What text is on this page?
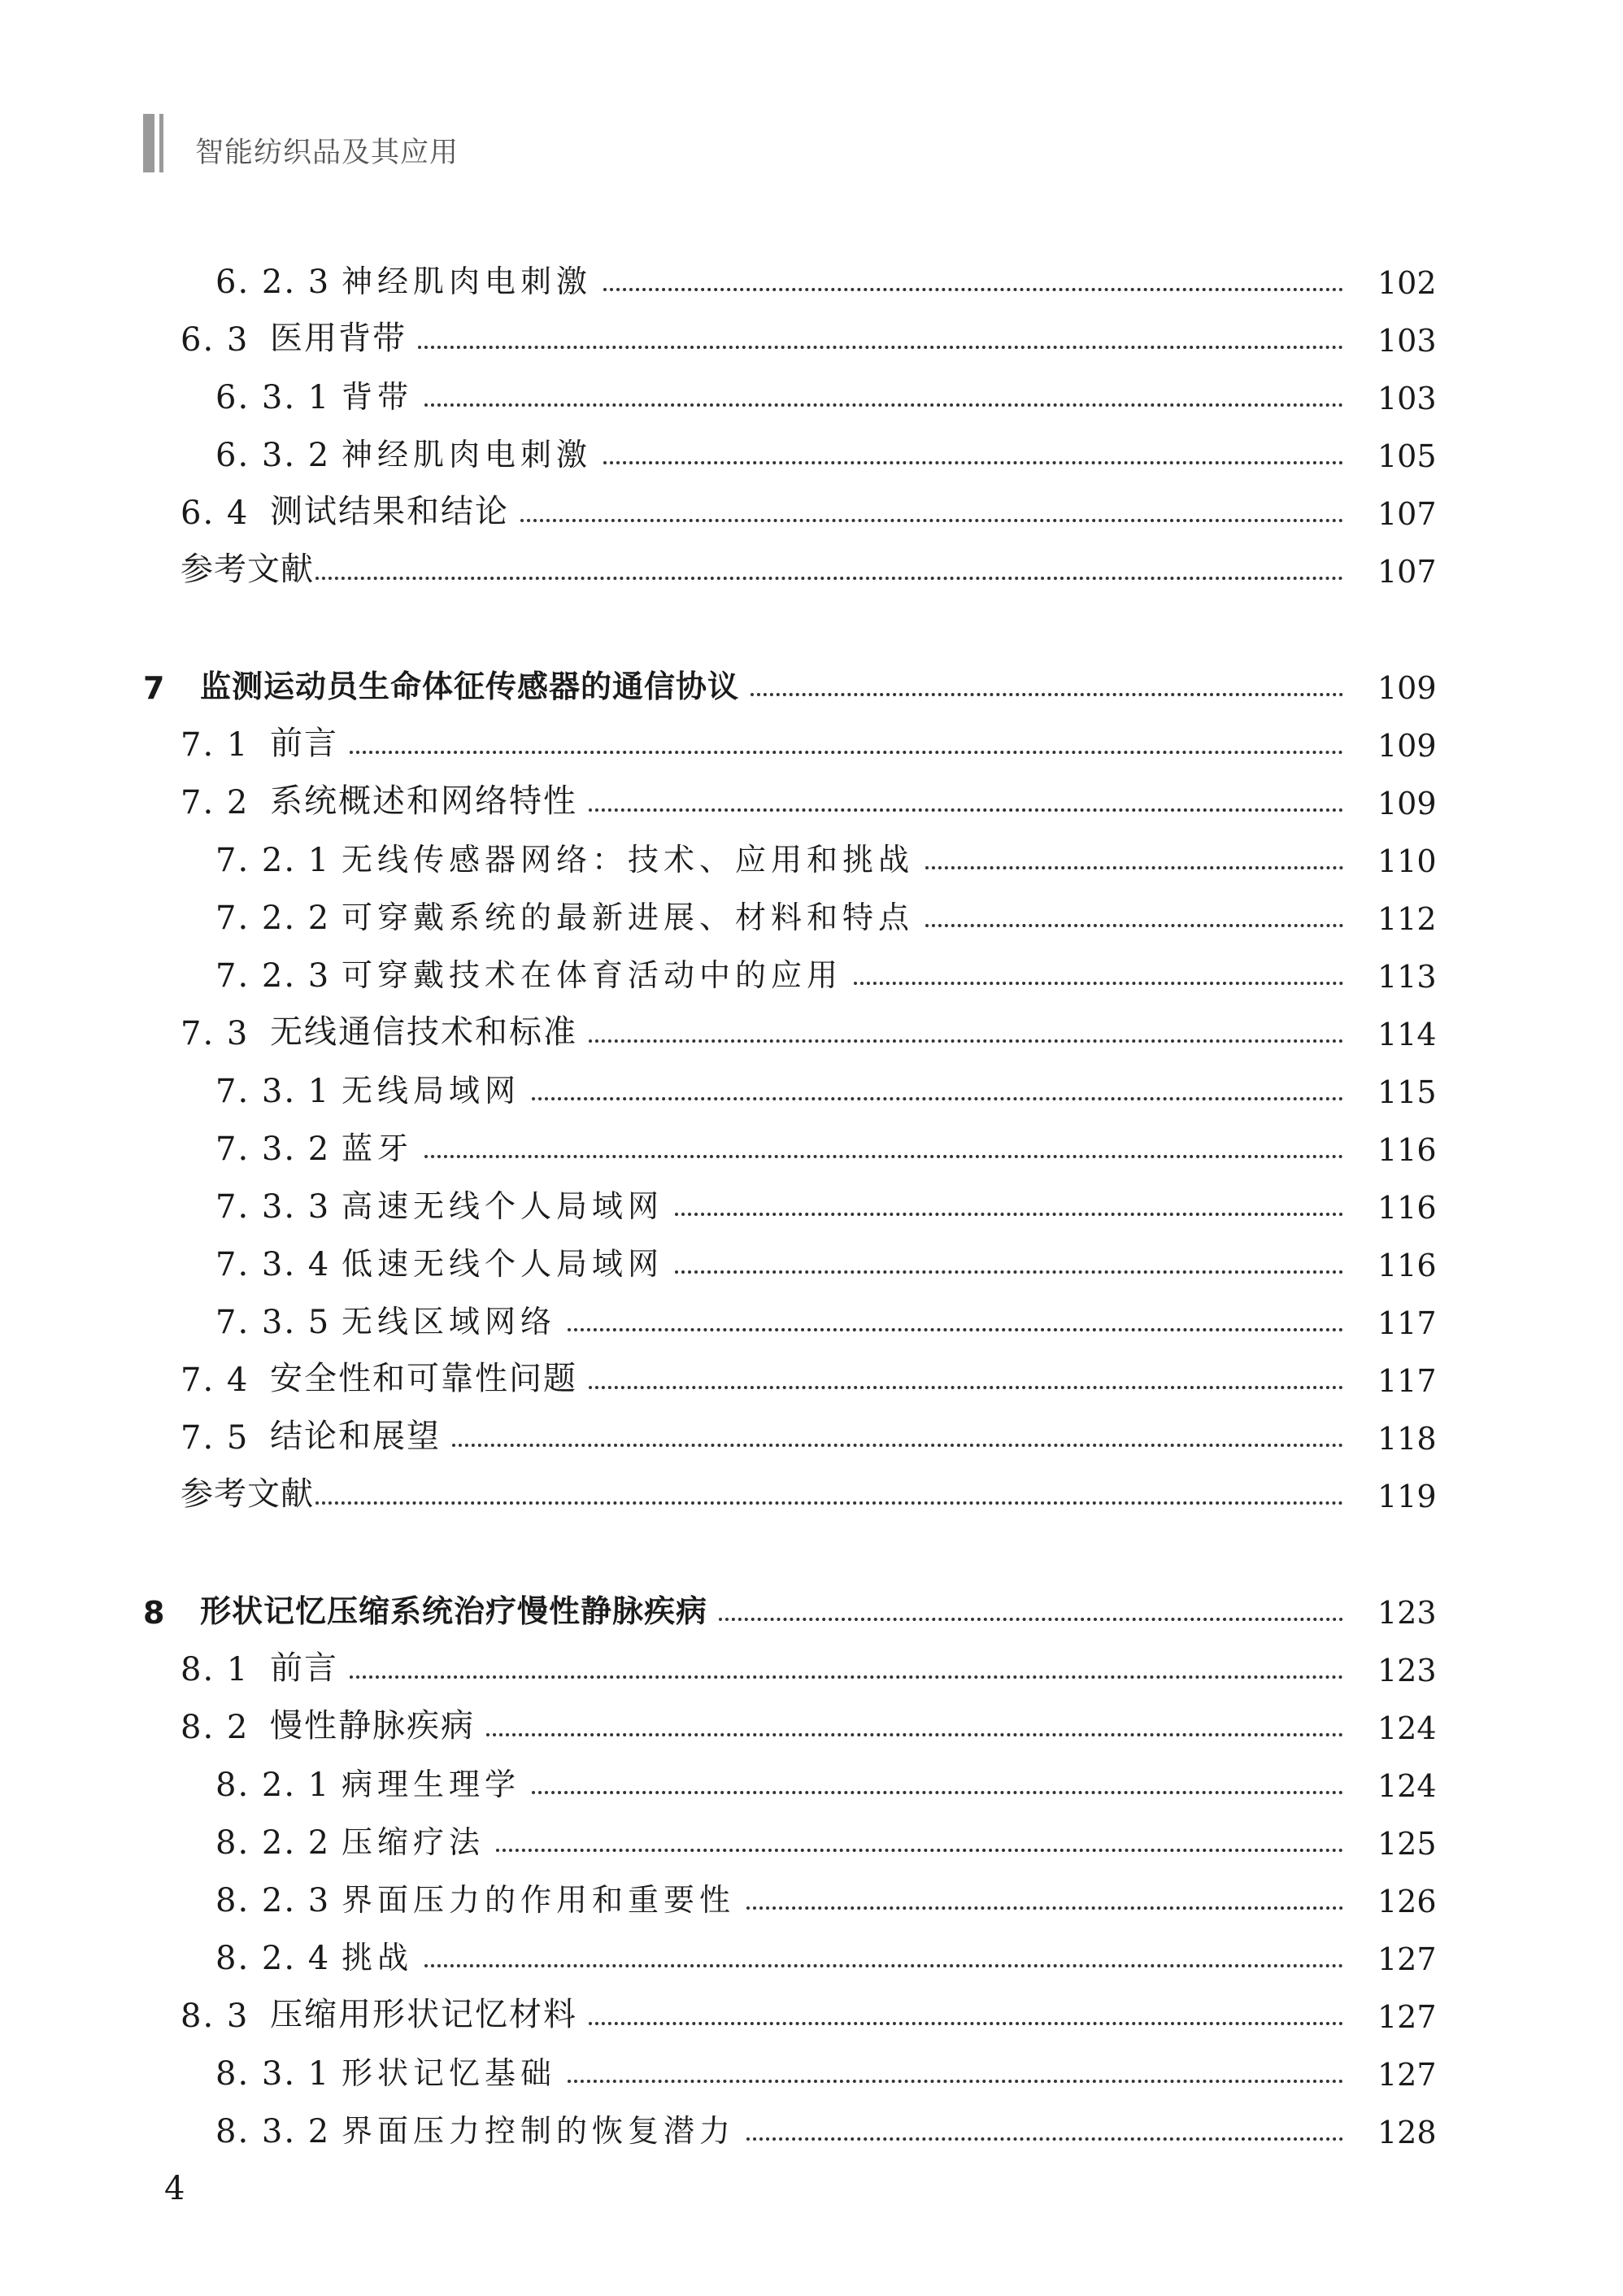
智能纺织品及其应用
6. 2. 3 神经肌肉电刺激	102
6. 3 医用背带	103
6. 3. 1 背带	103
6. 3. 2 神经肌肉电刺激	105
6. 4 测试结果和结论	107
参考文献	107
7	监测运动员生命体征传感器的通信协议	109
7. 1 前言	109
7. 2 系统概述和网络特性	109
7. 2. 1 无线传感器网络：技术、应用和挑战	110
7. 2. 2 可穿戴系统的最新进展、材料和特点	112
7. 2. 3 可穿戴技术在体育活动中的应用	113
7. 3 无线通信技术和标准	114
7. 3. 1 无线局域网	115
7. 3. 2 蓝牙	116
7. 3. 3 高速无线个人局域网	116
7. 3. 4 低速无线个人局域网	116
7. 3. 5 无线区域网络	117
7. 4 安全性和可靠性问题	117
7. 5 结论和展望	118
参考文献	119
8	形状记忆压缩系统治疗慢性静脉疾病	123
8. 1 前言	123
8. 2 慢性静脉疾病	124
8. 2. 1 病理生理学	124
8. 2. 2 压缩疗法	125
8. 2. 3 界面压力的作用和重要性	126
8. 2. 4 挑战	127
8. 3 压缩用形状记忆材料	127
8. 3. 1 形状记忆基础	127
8. 3. 2 界面压力控制的恢复潜力	128
4
